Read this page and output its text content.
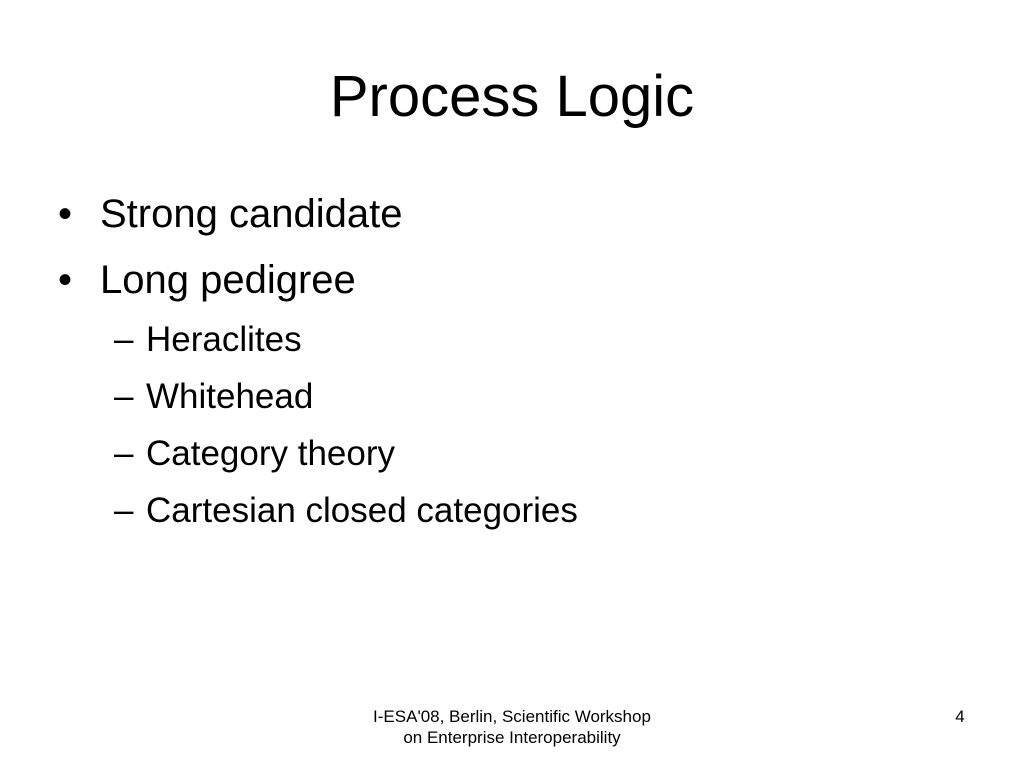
Process Logic
• Strong candidate
• Long pedigree
– Heraclites
– Whitehead
– Category theory
– Cartesian closed categories
I-ESA'08, Berlin, Scientific Workshop on Enterprise Interoperability
4
